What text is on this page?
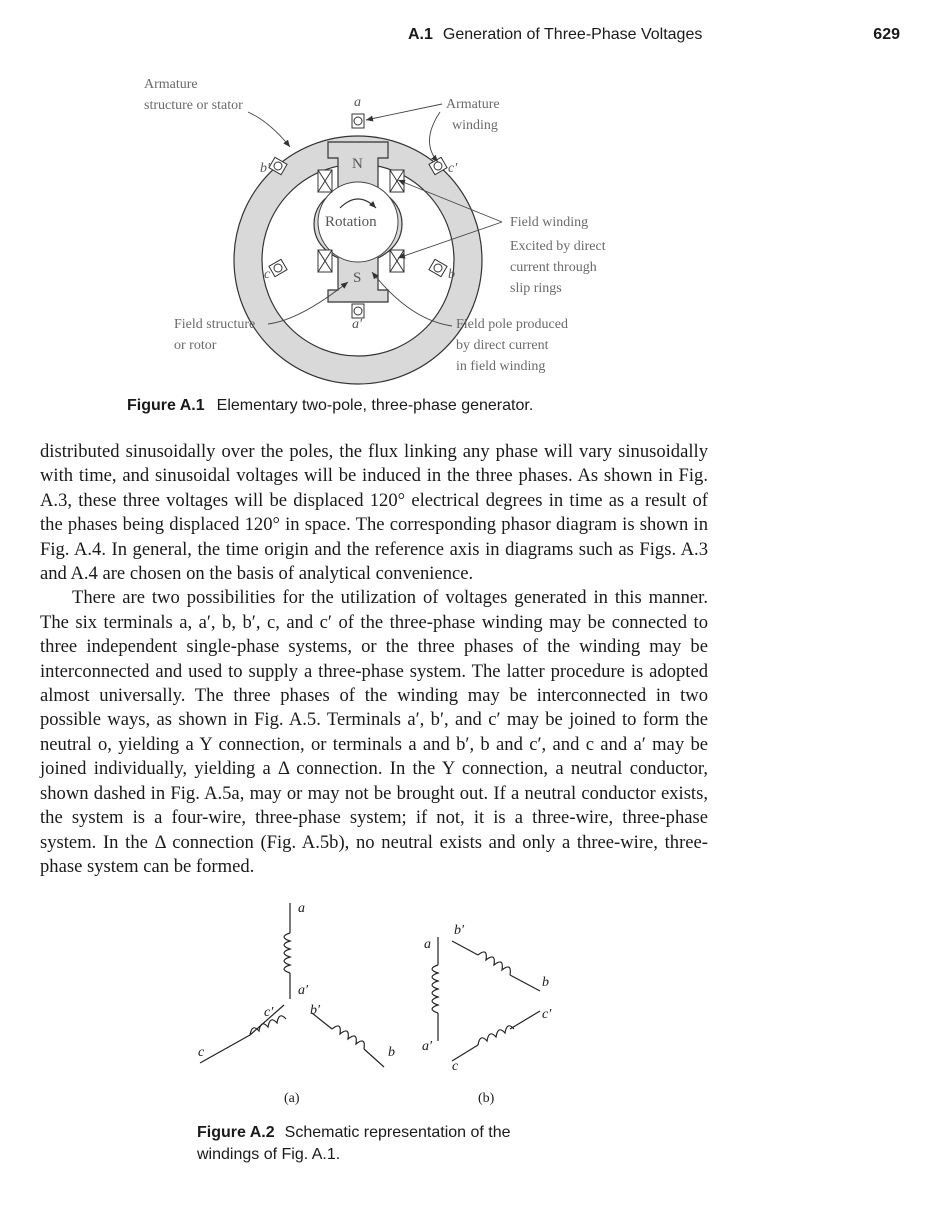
A.1 Generation of Three-Phase Voltages	629
Armature
structure or stator	Armature
winding
Field winding
Excited by direct
current through
slip rings
Field structure
or rotor
Field pole produced
by direct current
in field winding
Rotation
N
S
a
a′
b′
b
c
c′
Figure A.1 Elementary two-pole, three-phase generator.

distributed sinusoidally over the poles, the flux linking any phase will vary sinusoidally with time, and sinusoidal voltages will be induced in the three phases. As shown in Fig. A.3, these three voltages will be displaced 120° electrical degrees in time as a result of the phases being displaced 120° in space. The corresponding phasor diagram is shown in Fig. A.4. In general, the time origin and the reference axis in diagrams such as Figs. A.3 and A.4 are chosen on the basis of analytical convenience.

There are two possibilities for the utilization of voltages generated in this manner. The six terminals a, a′, b, b′, c, and c′ of the three-phase winding may be connected to three independent single-phase systems, or the three phases of the winding may be interconnected and used to supply a three-phase system. The latter procedure is adopted almost universally. The three phases of the winding may be interconnected in two possible ways, as shown in Fig. A.5. Terminals a′, b′, and c′ may be joined to form the neutral o, yielding a Y connection, or terminals a and b′, b and c′, and c and a′ may be joined individually, yielding a Δ connection. In the Y connection, a neutral conductor, shown dashed in Fig. A.5a, may or may not be brought out. If a neutral conductor exists, the system is a four-wire, three-phase system; if not, it is a three-wire, three-phase system. In the Δ connection (Fig. A.5b), no neutral exists and only a three-wire, three-phase system can be formed.

a
a′
c′	b′
c	b
a
b′
b
c′
a′
c
(a)	(b)
Figure A.2 Schematic representation of the windings of Fig. A.1.
